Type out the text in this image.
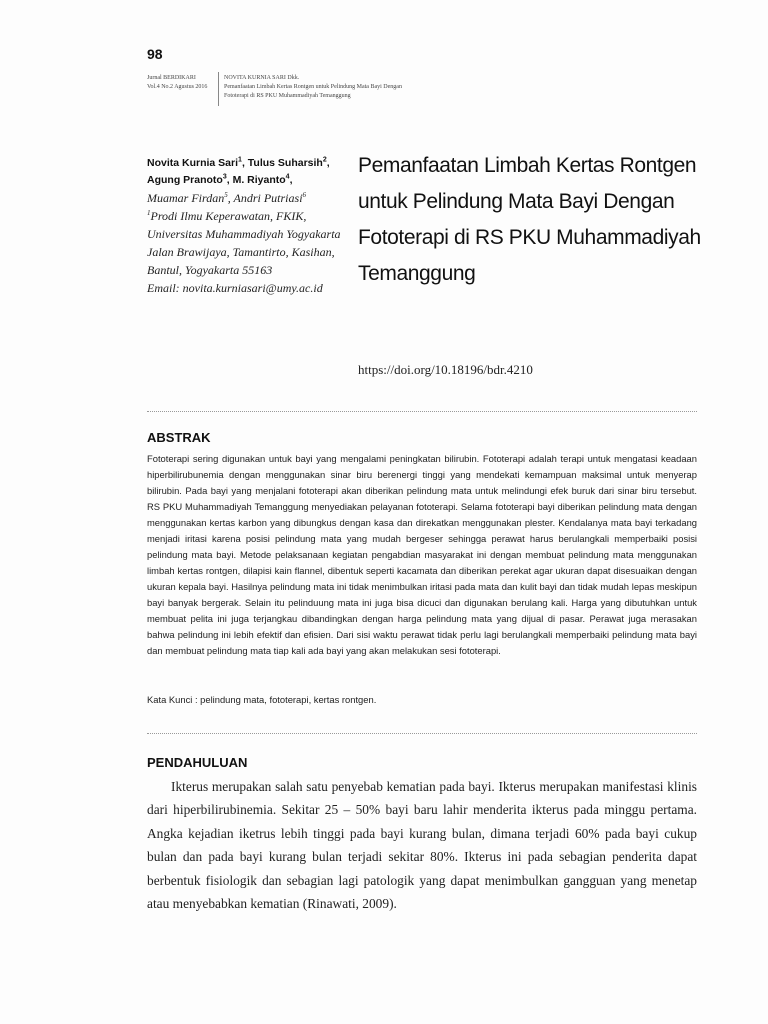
98
Jurnal BERDIKARI
Vol.4 No.2 Agustus 2016
NOVITA KURNIA SARI Dkk.
Pemanfaatan Limbah Kertas Rontgen untuk Pelindung Mata Bayi Dengan
Fototerapi di RS PKU Muhammadiyah Temanggung
Novita Kurnia Sari$^1$, Tulus Suharsih$^2$,
Agung Pranoto$^3$, M. Riyanto$^4$,
Muamar Firdan$^5$, Andri Putriasi$^6$
$^1$Prodi Ilmu Keperawatan, FKIK,
Universitas Muhammadiyah Yogyakarta
Jalan Brawijaya, Tamantirto, Kasihan,
Bantul, Yogyakarta 55163
Email: novita.kurniasari@umy.ac.id
Pemanfaatan Limbah Kertas Rontgen untuk Pelindung Mata Bayi Dengan Fototerapi di RS PKU Muhammadiyah Temanggung
https://doi.org/10.18196/bdr.4210
ABSTRAK

Fototerapi sering digunakan untuk bayi yang mengalami peningkatan bilirubin. Fototerapi adalah terapi untuk mengatasi keadaan hiperbilirubunemia dengan menggunakan sinar biru berenergi tinggi yang mendekati kemampuan maksimal untuk menyerap bilirubin. Pada bayi yang menjalani fototerapi akan diberikan pelindung mata untuk melindungi efek buruk dari sinar biru tersebut. RS PKU Muhammadiyah Temanggung menyediakan pelayanan fototerapi. Selama fototerapi bayi diberikan pelindung mata dengan menggunakan kertas karbon yang dibungkus dengan kasa dan direkatkan menggunakan plester. Kendalanya mata bayi terkadang menjadi iritasi karena posisi pelindung mata yang mudah bergeser sehingga perawat harus berulangkali memperbaiki posisi pelindung mata bayi. Metode pelaksanaan kegiatan pengabdian masyarakat ini dengan membuat pelindung mata menggunakan limbah kertas rontgen, dilapisi kain flannel, dibentuk seperti kacamata dan diberikan perekat agar ukuran dapat disesuaikan dengan ukuran kepala bayi. Hasilnya pelindung mata ini tidak menimbulkan iritasi pada mata dan kulit bayi dan tidak mudah lepas meskipun bayi banyak bergerak. Selain itu pelinduung mata ini juga bisa dicuci dan digunakan berulang kali. Harga yang dibutuhkan untuk membuat pelita ini juga terjangkau dibandingkan dengan harga pelindung mata yang dijual di pasar. Perawat juga merasakan bahwa pelindung ini lebih efektif dan efisien. Dari sisi waktu perawat tidak perlu lagi berulangkali memperbaiki pelindung mata bayi dan membuat pelindung mata tiap kali ada bayi yang akan melakukan sesi fototerapi.

Kata Kunci : pelindung mata, fototerapi, kertas rontgen.
PENDAHULUAN

Ikterus merupakan salah satu penyebab kematian pada bayi. Ikterus merupakan manifestasi klinis dari hiperbilirubinemia. Sekitar 25 – 50% bayi baru lahir menderita ikterus pada minggu pertama. Angka kejadian iketrus lebih tinggi pada bayi kurang bulan, dimana terjadi 60% pada bayi cukup bulan dan pada bayi kurang bulan terjadi sekitar 80%. Ikterus ini pada sebagian penderita dapat berbentuk fisiologik dan sebagian lagi patologik yang dapat menimbulkan gangguan yang menetap atau menyebabkan kematian (Rinawati, 2009).
